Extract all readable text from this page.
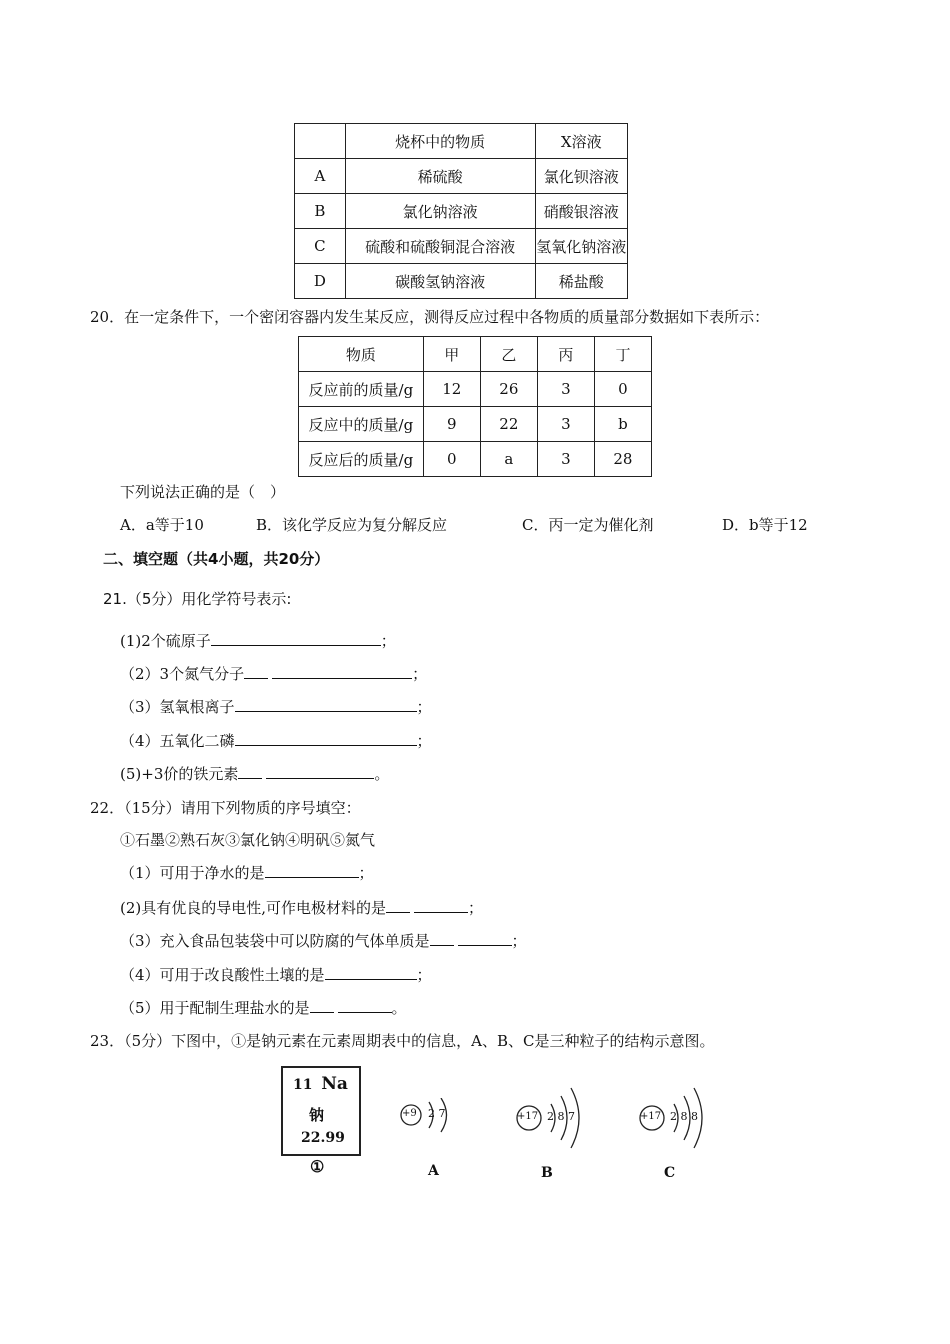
	烧杯中的物质	X溶液
A	稀硫酸	氯化钡溶液
B	氯化钠溶液	硝酸银溶液
C	硫酸和硫酸铜混合溶液	氢氧化钠溶液
D	碳酸氢钠溶液	稀盐酸
20．在一定条件下，一个密闭容器内发生某反应，测得反应过程中各物质的质量部分数据如下表所示：
物质	甲	乙	丙	丁
反应前的质量/g	12	26	3	0
反应中的质量/g	9	22	3	b
反应后的质量/g	0	a	3	28
下列说法正确的是（　）
A．a等于10	B．该化学反应为复分解反应	C．丙一定为催化剂	D．b等于12
二、填空题（共4小题，共20分）
21.（5分）用化学符号表示:
(1)2个硫原子	；
（2）3个氮气分子	；
（3）氢氧根离子	；
（4）五氧化二磷	；
(5)+3价的铁元素	。
22．（15分）请用下列物质的序号填空：
①石墨②熟石灰③氯化钠④明矾⑤氮气
（1）可用于净水的是	；
(2)具有优良的导电性,可作电极材料的是	；
（3）充入食品包装袋中可以防腐的气体单质是	；
（4）可用于改良酸性土壤的是	；
（5）用于配制生理盐水的是	。
23．（5分）下图中，①是钠元素在元素周期表中的信息，A、B、C是三种粒子的结构示意图。
11 Na
钠
22.99
①
+9 2 7
A
+17 2 8 7
B
+17 2 8 8
C
